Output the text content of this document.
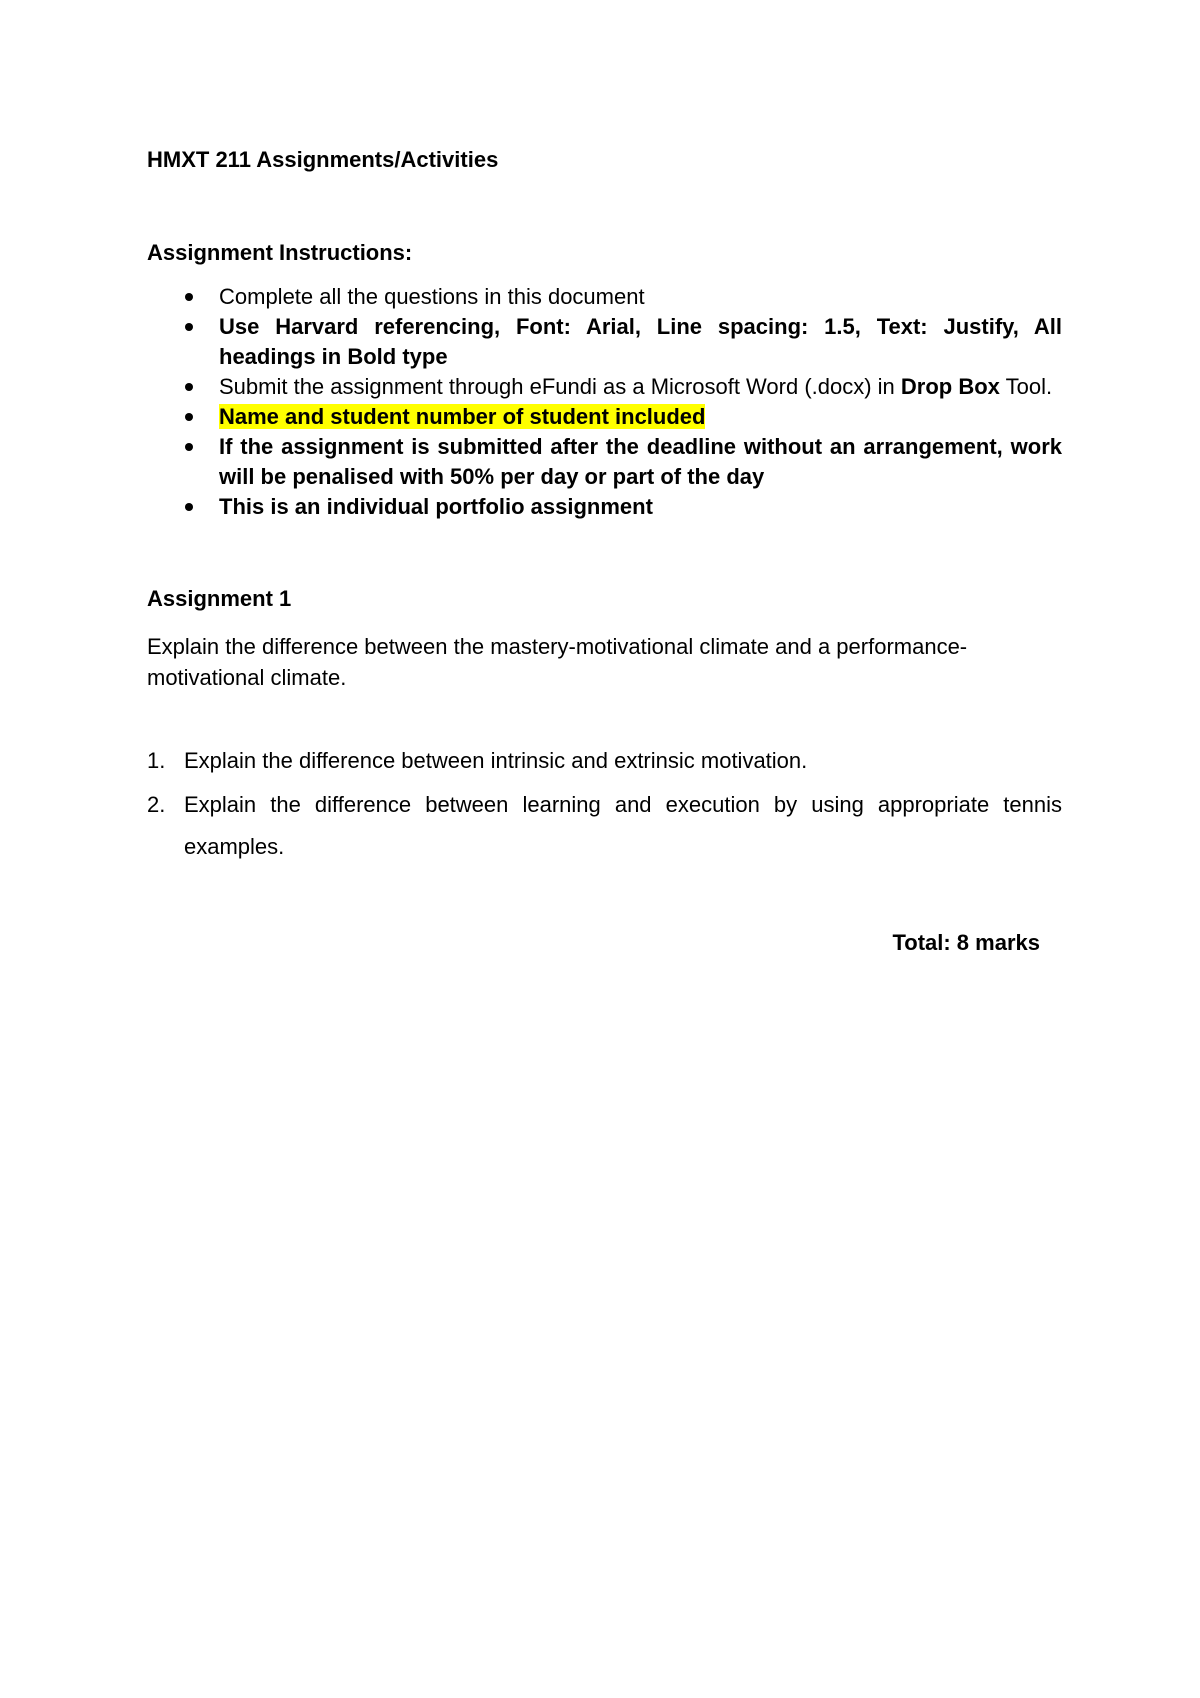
HMXT 211 Assignments/Activities

Assignment Instructions:

Complete all the questions in this document
Use Harvard referencing, Font: Arial, Line spacing: 1.5, Text: Justify, All headings in Bold type
Submit the assignment through eFundi as a Microsoft Word (.docx) in Drop Box Tool.
Name and student number of student included
If the assignment is submitted after the deadline without an arrangement, work will be penalised with 50% per day or part of the day
This is an individual portfolio assignment

Assignment 1

Explain the difference between the mastery-motivational climate and a performance-motivational climate.

1. Explain the difference between intrinsic and extrinsic motivation.
2. Explain the difference between learning and execution by using appropriate tennis examples.

Total: 8 marks
